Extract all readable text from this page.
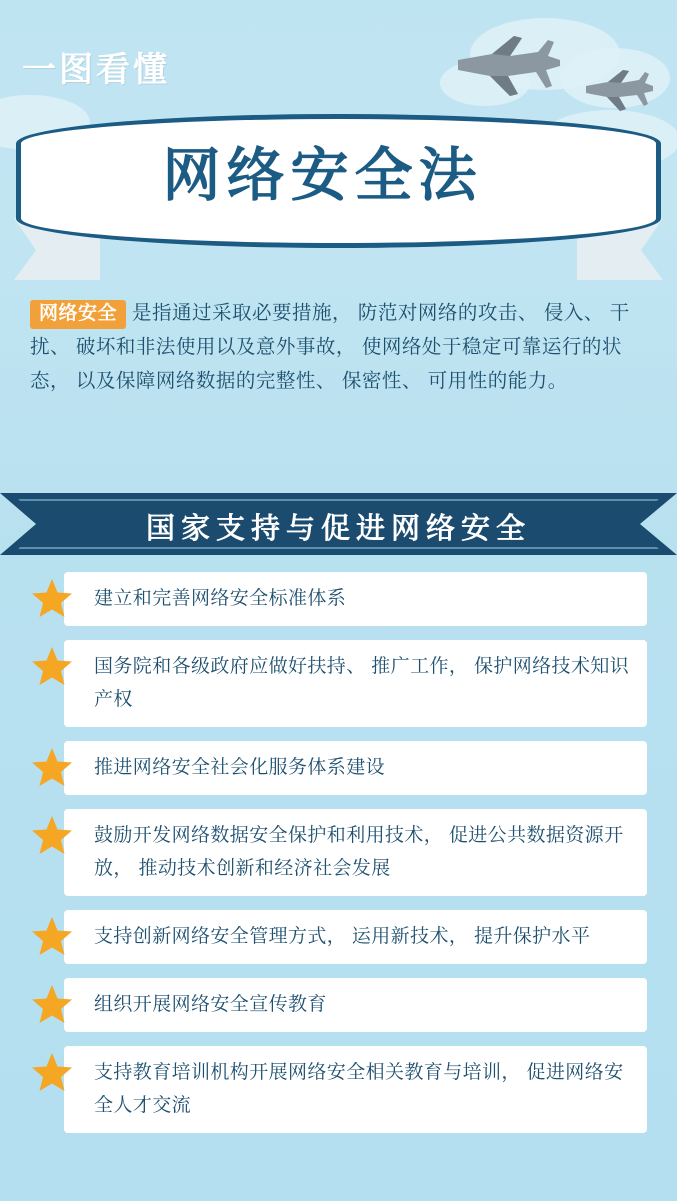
一图看懂
网络安全法
网络安全 是指通过采取必要措施， 防范对网络的攻击、 侵入、 干扰、 破坏和非法使用以及意外事故， 使网络处于稳定可靠运行的状态， 以及保障网络数据的完整性、 保密性、 可用性的能力。
国家支持与促进网络安全
建立和完善网络安全标准体系
国务院和各级政府应做好扶持、 推广工作， 保护网络技术知识产权
推进网络安全社会化服务体系建设
鼓励开发网络数据安全保护和利用技术， 促进公共数据资源开放， 推动技术创新和经济社会发展
支持创新网络安全管理方式， 运用新技术， 提升保护水平
组织开展网络安全宣传教育
支持教育培训机构开展网络安全相关教育与培训， 促进网络安全人才交流
